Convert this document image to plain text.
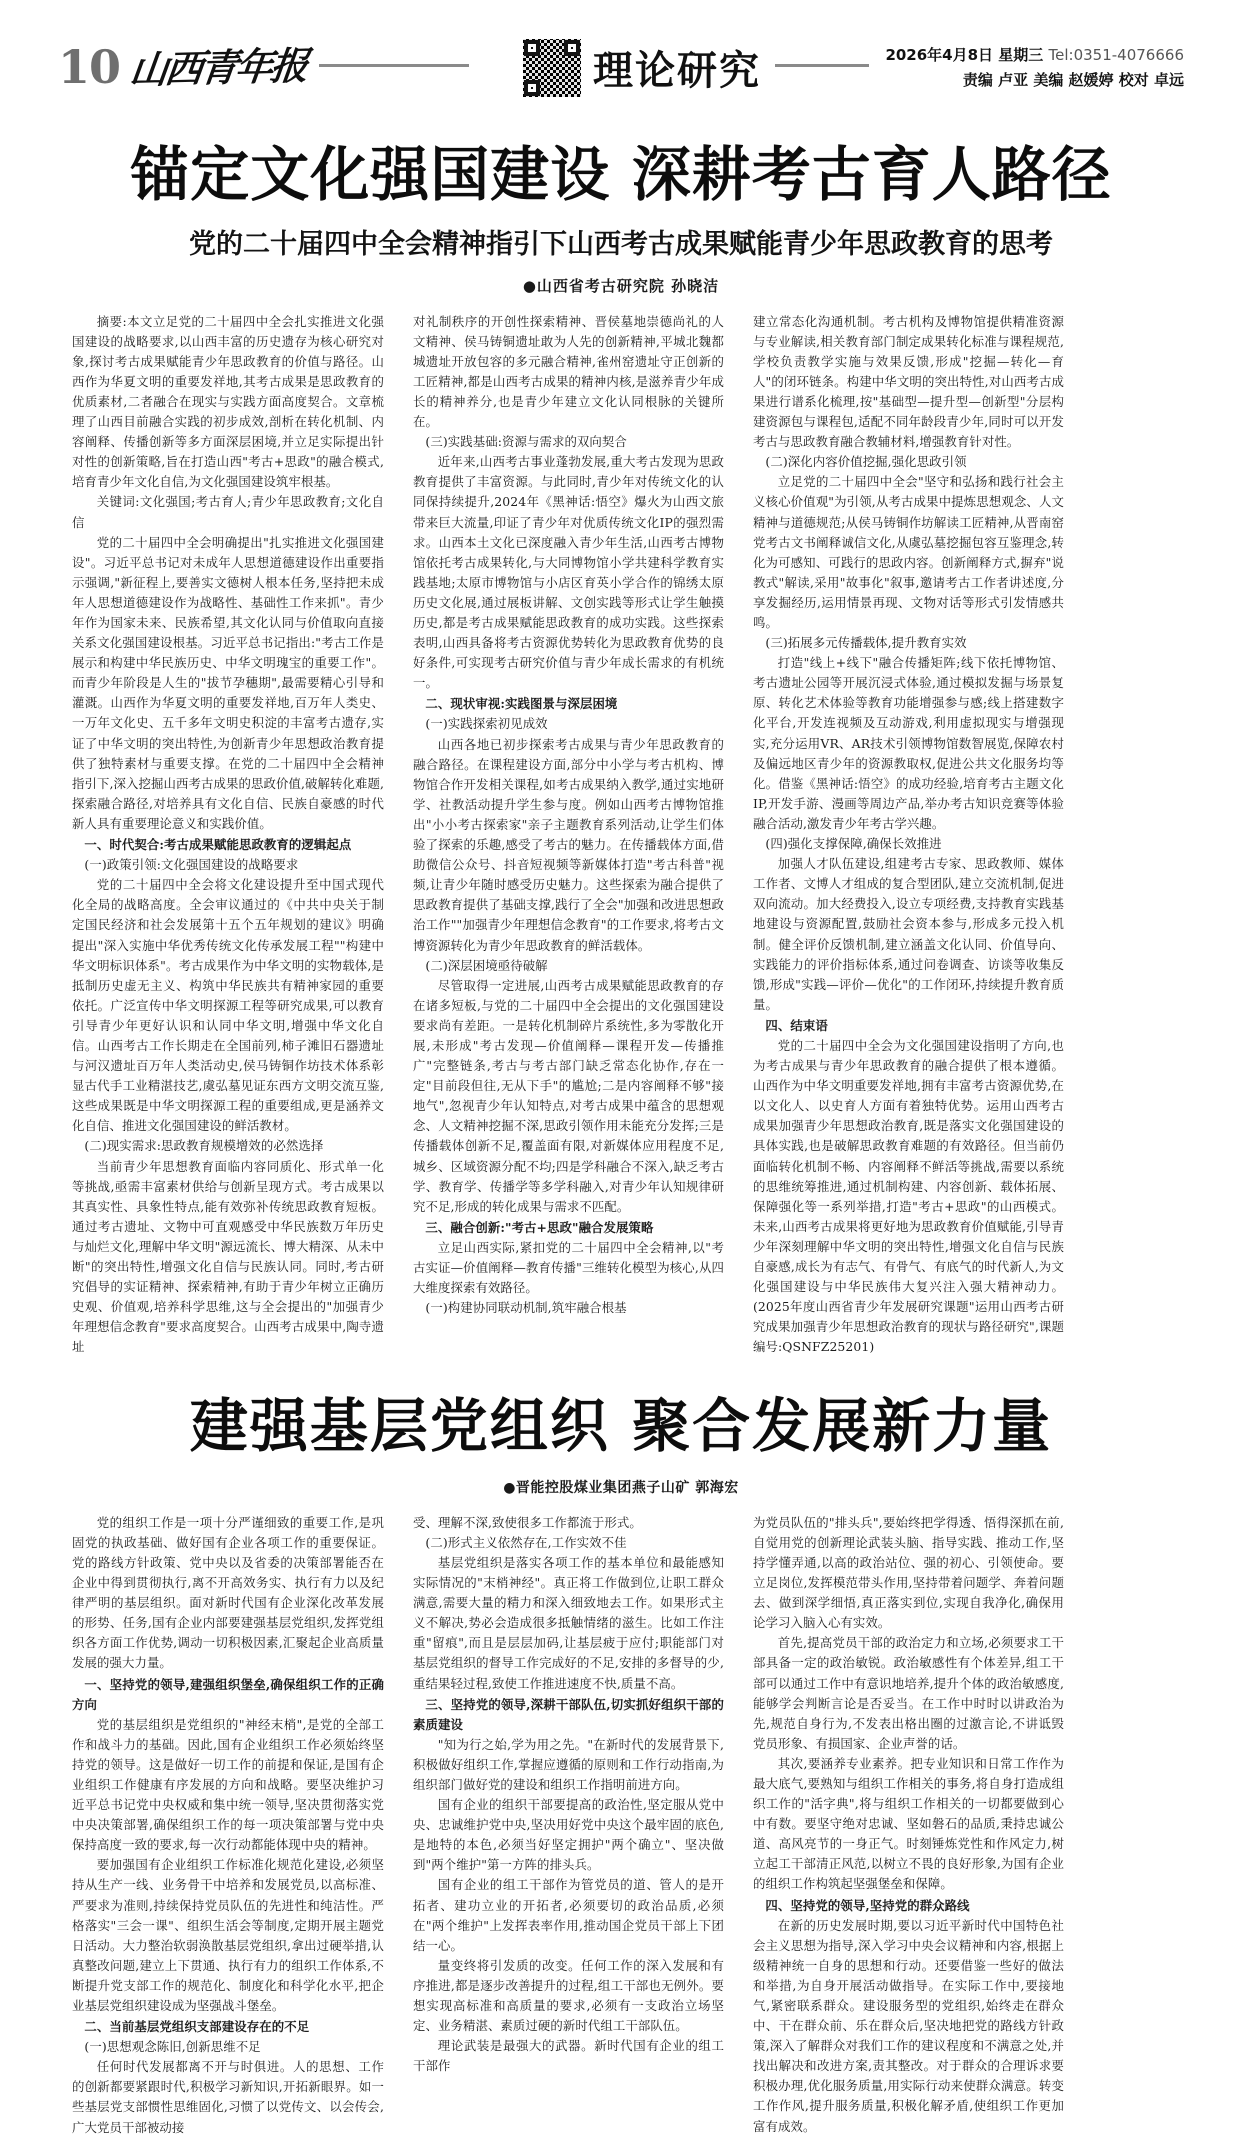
10 山西青年报	理论研究	2026年4月8日 星期三 Tel:0351-4076666
责编 卢亚 美编 赵媛婷 校对 卓远
锚定文化强国建设 深耕考古育人路径
党的二十届四中全会精神指引下山西考古成果赋能青少年思政教育的思考
●山西省考古研究院 孙晓洁

摘要:本文立足党的二十届四中全会扎实推进文化强国建设的战略要求,以山西丰富的历史遗存为核心研究对象,探讨考古成果赋能青少年思政教育的价值与路径。山西作为华夏文明的重要发祥地,其考古成果是思政教育的优质素材,二者融合在现实与实践方面高度契合。文章梳理了山西目前融合实践的初步成效,剖析在转化机制、内容阐释、传播创新等多方面深层困境,并立足实际提出针对性的创新策略,旨在打造山西"考古+思政"的融合模式,培育青少年文化自信,为文化强国建设筑牢根基。

关键词:文化强国;考古育人;青少年思政教育;文化自信

党的二十届四中全会明确提出"扎实推进文化强国建设"。习近平总书记对未成年人思想道德建设作出重要指示强调,"新征程上,要善实文德树人根本任务,坚持把未成年人思想道德建设作为战略性、基础性工作来抓"。青少年作为国家未来、民族希望,其文化认同与价值取向直接关系文化强国建设根基。习近平总书记指出:"考古工作是展示和构建中华民族历史、中华文明瑰宝的重要工作"。而青少年阶段是人生的"拔节孕穗期",最需要精心引导和灌溉。山西作为华夏文明的重要发祥地,百万年人类史、一万年文化史、五千多年文明史积淀的丰富考古遗存,实证了中华文明的突出特性,为创新青少年思想政治教育提供了独特素材与重要支撑。在党的二十届四中全会精神指引下,深入挖掘山西考古成果的思政价值,破解转化难题,探索融合路径,对培养具有文化自信、民族自豪感的时代新人具有重要理论意义和实践价值。

一、时代契合:考古成果赋能思政教育的逻辑起点

(一)政策引领:文化强国建设的战略要求

党的二十届四中全会将文化建设提升至中国式现代化全局的战略高度。全会审议通过的《中共中央关于制定国民经济和社会发展第十五个五年规划的建议》明确提出"深入实施中华优秀传统文化传承发展工程""构建中华文明标识体系"。考古成果作为中华文明的实物载体,是抵制历史虚无主义、构筑中华民族共有精神家园的重要依托。广泛宣传中华文明探源工程等研究成果,可以教育引导青少年更好认识和认同中华文明,增强中华文化自信。山西考古工作长期走在全国前列,柿子滩旧石器遗址与河汉遗址百万年人类活动史,侯马铸铜作坊技术体系彰显古代手工业精湛技艺,虞弘墓见证东西方文明交流互鉴,这些成果既是中华文明探源工程的重要组成,更是涵养文化自信、推进文化强国建设的鲜活教材。

(二)现实需求:思政教育规模增效的必然选择

当前青少年思想教育面临内容同质化、形式单一化等挑战,亟需丰富素材供给与创新呈现方式。考古成果以其真实性、具象性特点,能有效弥补传统思政教育短板。通过考古遗址、文物中可直观感受中华民族数万年历史与灿烂文化,理解中华文明"源远流长、博大精深、从未中断"的突出特性,增强文化自信与民族认同。同时,考古研究倡导的实证精神、探索精神,有助于青少年树立正确历史观、价值观,培养科学思维,这与全会提出的"加强青少年理想信念教育"要求高度契合。山西考古成果中,陶寺遗址

对礼制秩序的开创性探索精神、晋侯墓地崇德尚礼的人文精神、侯马铸铜遗址敢为人先的创新精神,平城北魏都城遗址开放包容的多元融合精神,雀州窑遗址守正创新的工匠精神,都是山西考古成果的精神内核,是滋养青少年成长的精神养分,也是青少年建立文化认同根脉的关键所在。

(三)实践基础:资源与需求的双向契合

近年来,山西考古事业蓬勃发展,重大考古发现为思政教育提供了丰富资源。与此同时,青少年对传统文化的认同保持续提升,2024年《黑神话:悟空》爆火为山西文旅带来巨大流量,印证了青少年对优质传统文化IP的强烈需求。山西本土文化已深度融入青少年生活,山西考古博物馆依托考古成果转化,与大同博物馆小学共建科学教育实践基地;太原市博物馆与小店区育英小学合作的锦绣太原历史文化展,通过展板讲解、文创实践等形式让学生触摸历史,都是考古成果赋能思政教育的成功实践。这些探索表明,山西具备将考古资源优势转化为思政教育优势的良好条件,可实现考古研究价值与青少年成长需求的有机统一。

二、现状审视:实践图景与深层困境

(一)实践探索初见成效

山西各地已初步探索考古成果与青少年思政教育的融合路径。在课程建设方面,部分中小学与考古机构、博物馆合作开发相关课程,如考古成果纳入教学,通过实地研学、社教活动提升学生参与度。例如山西考古博物馆推出"小小考古探索家"亲子主题教育系列活动,让学生们体验了探索的乐趣,感受了考古的魅力。在传播载体方面,借助微信公众号、抖音短视频等新媒体打造"考古科普"视频,让青少年随时感受历史魅力。这些探索为融合提供了思政教育提供了基础支撑,践行了全会"加强和改进思想政治工作""加强青少年理想信念教育"的工作要求,将考古文博资源转化为青少年思政教育的鲜活载体。

(二)深层困境亟待破解

尽管取得一定进展,山西考古成果赋能思政教育的存在诸多短板,与党的二十届四中全会提出的文化强国建设要求尚有差距。一是转化机制碎片系统性,多为零散化开展,未形成"考古发现—价值阐释—课程开发—传播推广"完整链条,考古与考古部门缺乏常态化协作,存在一定"目前段但往,无从下手"的尴尬;二是内容阐释不够"接地气",忽视青少年认知特点,对考古成果中蕴含的思想观念、人文精神挖掘不深,思政引领作用未能充分发挥;三是传播载体创新不足,覆盖面有限,对新媒体应用程度不足,城乡、区域资源分配不均;四是学科融合不深入,缺乏考古学、教育学、传播学等多学科融入,对青少年认知规律研究不足,形成的转化成果与需求不匹配。

三、融合创新:"考古+思政"融合发展策略

立足山西实际,紧扣党的二十届四中全会精神,以"考古实证—价值阐释—教育传播"三维转化模型为核心,从四大维度探索有效路径。

(一)构建协同联动机制,筑牢融合根基

建立常态化沟通机制。考古机构及博物馆提供精准资源与专业解读,相关教育部门制定成果转化标准与课程规范,学校负责教学实施与效果反馈,形成"挖掘—转化—育人"的闭环链条。构建中华文明的突出特性,对山西考古成果进行谱系化梳理,按"基础型—提升型—创新型"分层构建资源包与课程包,适配不同年龄段青少年,同时可以开发考古与思政教育融合教辅材料,增强教育针对性。

(二)深化内容价值挖掘,强化思政引领

立足党的二十届四中全会"坚守和弘扬和践行社会主义核心价值观"为引领,从考古成果中提炼思想观念、人文精神与道德规范;从侯马铸铜作坊解读工匠精神,从晋南窑党考古文书阐释诚信文化,从虞弘墓挖掘包容互鉴理念,转化为可感知、可践行的思政内容。创新阐释方式,摒弃"说教式"解读,采用"故事化"叙事,邀请考古工作者讲述度,分享发掘经历,运用情景再现、文物对话等形式引发情感共鸣。

(三)拓展多元传播载体,提升教育实效

打造"线上+线下"融合传播矩阵;线下依托博物馆、考古遗址公园等开展沉浸式体验,通过模拟发掘与场景复原、转化艺术体验等教育功能增强参与感;线上搭建数字化平台,开发连视频及互动游戏,利用虚拟现实与增强现实,充分运用VR、AR技术引领博物馆数智展览,保障农村及偏远地区青少年的资源教取权,促进公共文化服务均等化。借鉴《黑神话:悟空》的成功经验,培育考古主题文化IP,开发手游、漫画等周边产品,举办考古知识竞赛等体验融合活动,激发青少年考古学兴趣。

(四)强化支撑保障,确保长效推进

加强人才队伍建设,组建考古专家、思政教师、媒体工作者、文博人才组成的复合型团队,建立交流机制,促进双向流动。加大经费投入,设立专项经费,支持教育实践基地建设与资源配置,鼓励社会资本参与,形成多元投入机制。健全评价反馈机制,建立涵盖文化认同、价值导向、实践能力的评价指标体系,通过问卷调查、访谈等收集反馈,形成"实践—评价—优化"的工作闭环,持续提升教育质量。

四、结束语

党的二十届四中全会为文化强国建设指明了方向,也为考古成果与青少年思政教育的融合提供了根本遵循。山西作为中华文明重要发祥地,拥有丰富考古资源优势,在以文化人、以史育人方面有着独特优势。运用山西考古成果加强青少年思想政治教育,既是落实文化强国建设的具体实践,也是破解思政教育难题的有效路径。但当前仍面临转化机制不畅、内容阐释不鲜活等挑战,需要以系统的思维统筹推进,通过机制构建、内容创新、载体拓展、保障强化等一系列举措,打造"考古+思政"的山西模式。未来,山西考古成果将更好地为思政教育价值赋能,引导青少年深刻理解中华文明的突出特性,增强文化自信与民族自豪感,成长为有志气、有骨气、有底气的时代新人,为文化强国建设与中华民族伟大复兴注入强大精神动力。(2025年度山西省青少年发展研究课题"运用山西考古研究成果加强青少年思想政治教育的现状与路径研究",课题编号:QSNFZ25201)

建强基层党组织 聚合发展新力量
●晋能控股煤业集团燕子山矿 郭海宏

党的组织工作是一项十分严谨细致的重要工作,是巩固党的执政基础、做好国有企业各项工作的重要保证。党的路线方针政策、党中央以及省委的决策部署能否在企业中得到贯彻执行,离不开高效务实、执行有力以及纪律严明的基层组织。面对新时代国有企业深化改革发展的形势、任务,国有企业内部要建强基层党组织,发挥党组织各方面工作优势,调动一切积极因素,汇聚起企业高质量发展的强大力量。

一、坚持党的领导,建强组织堡垒,确保组织工作的正确方向

党的基层组织是党组织的"神经末梢",是党的全部工作和战斗力的基础。因此,国有企业组织工作必须始终坚持党的领导。这是做好一切工作的前提和保证,是国有企业组织工作健康有序发展的方向和战略。要坚决维护习近平总书记党中央权威和集中统一领导,坚决贯彻落实党中央决策部署,确保组织工作的每一项决策部署与党中央保持高度一致的要求,每一次行动都能体现中央的精神。

要加强国有企业组织工作标准化规范化建设,必须坚持从生产一线、业务骨干中培养和发展党员,以高标准、严要求为准则,持续保持党员队伍的先进性和纯洁性。严格落实"三会一课"、组织生活会等制度,定期开展主题党日活动。大力整治软弱涣散基层党组织,拿出过硬举措,认真整改问题,建立上下贯通、执行有力的组织工作体系,不断提升党支部工作的规范化、制度化和科学化水平,把企业基层党组织建设成为坚强战斗堡垒。

二、当前基层党组织支部建设存在的不足

(一)思想观念陈旧,创新思维不足

任何时代发展都离不开与时俱进。人的思想、工作的创新都要紧跟时代,积极学习新知识,开拓新眼界。如一些基层党支部惯性思维固化,习惯了以党传文、以会传会,广大党员干部被动接

受、理解不深,致使很多工作都流于形式。

(二)形式主义依然存在,工作实效不佳

基层党组织是落实各项工作的基本单位和最能感知实际情况的"末梢神经"。真正将工作做到位,让职工群众满意,需要大量的精力和深入细致地去工作。如果形式主义不解决,势必会造成很多抵触情绪的滋生。比如工作注重"留痕",而且是层层加码,让基层疲于应付;职能部门对基层党组织的督导工作完成好的不足,安排的多督导的少,重结果轻过程,致使工作推进速度不快,质量不高。

三、坚持党的领导,深耕干部队伍,切实抓好组织干部的素质建设

"知为行之始,学为用之先。"在新时代的发展背景下,积极做好组织工作,掌握应遵循的原则和工作行动指南,为组织部门做好党的建设和组织工作指明前进方向。

国有企业的组织干部要提高的政治性,坚定服从党中央、忠诚维护党中央,坚决用好党中央这个最牢固的底色,是地特的本色,必须当好坚定拥护"两个确立"、坚决做到"两个维护"第一方阵的排头兵。

国有企业的组工干部作为管党员的道、管人的是开拓者、建功立业的开拓者,必须要切的政治品质,必须在"两个维护"上发挥表率作用,推动国企党员干部上下团结一心。

量变终将引发质的改变。任何工作的深入发展和有序推进,都是逐步改善提升的过程,组工干部也无例外。要想实现高标准和高质量的要求,必须有一支政治立场坚定、业务精湛、素质过硬的新时代组工干部队伍。

理论武装是最强大的武器。新时代国有企业的组工干部作

为党员队伍的"排头兵",要始终把学得透、悟得深抓在前,自觉用党的创新理论武装头脑、指导实践、推动工作,坚持学懂弄通,以高的政治站位、强的初心、引领使命。要立足岗位,发挥模范带头作用,坚持带着问题学、奔着问题去、做到深学细悟,真正落实到位,实现自我净化,确保用论学习入脑入心有实效。

首先,提高党员干部的政治定力和立场,必须要求工干部具备一定的政治敏锐。政治敏感性有个体差异,组工干部可以通过工作中有意识地培养,提升个体的政治敏感度,能够学会判断言论是否妥当。在工作中时时以讲政治为先,规范自身行为,不发表出格出圈的过激言论,不讲诋毁党员形象、有损国家、企业声誉的话。

其次,要涵养专业素养。把专业知识和日常工作作为最大底气,要熟知与组织工作相关的事务,将自身打造成组织工作的"活字典",将与组织工作相关的一切都要做到心中有数。要坚守绝对忠诚、坚如磐石的品质,秉持忠诚公道、高风亮节的一身正气。时刻锤炼党性和作风定力,树立起工干部清正风范,以树立不畏的良好形象,为国有企业的组织工作构筑起坚强堡垒和保障。

四、坚持党的领导,坚持党的群众路线

在新的历史发展时期,要以习近平新时代中国特色社会主义思想为指导,深入学习中央会议精神和内容,根据上级精神统一自身的思想和行动。还要借鉴一些好的做法和举措,为自身开展活动做指导。在实际工作中,要接地气,紧密联系群众。建设服务型的党组织,始终走在群众中、干在群众前、乐在群众后,坚决地把党的路线方针政策,深入了解群众对我们工作的建议程度和不满意之处,并找出解决和改进方案,责其整改。对于群众的合理诉求要积极办理,优化服务质量,用实际行动来使群众满意。转变工作作风,提升服务质量,积极化解矛盾,使组织工作更加富有成效。
